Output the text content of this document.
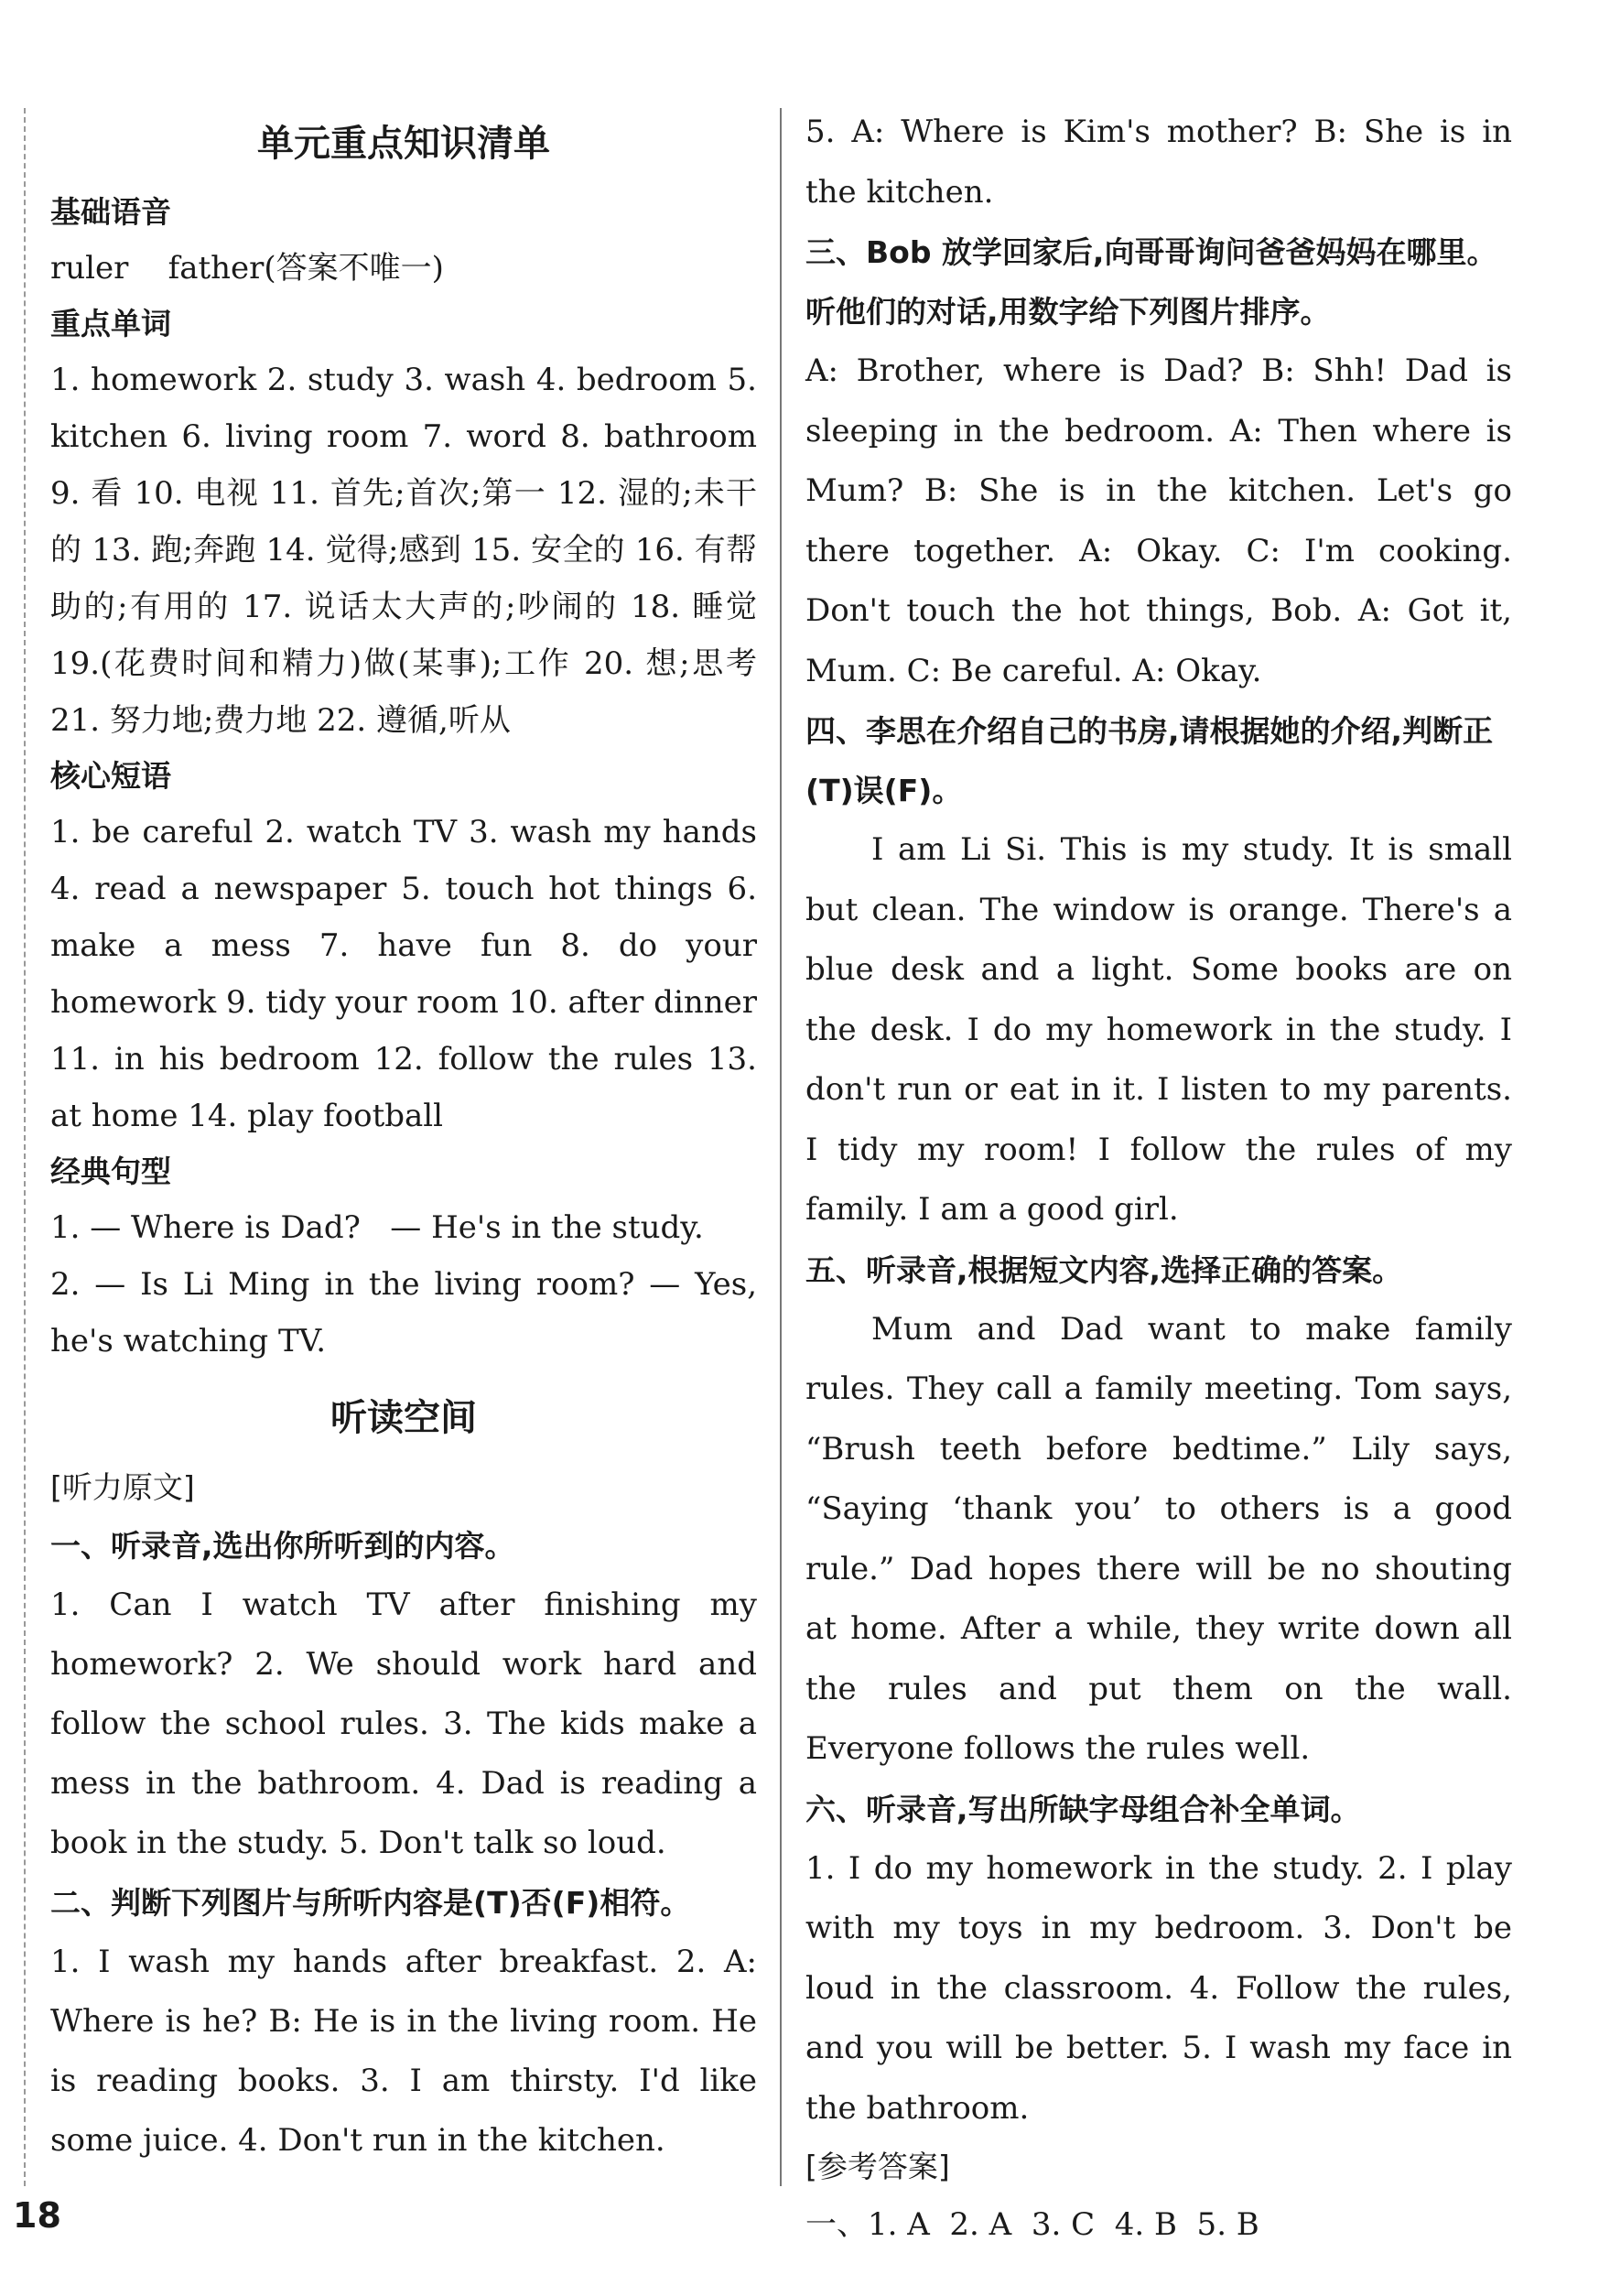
单元重点知识清单
基础语音

ruler    father(答案不唯一)

重点单词

1. homework 2. study 3. wash 4. bedroom 5. kitchen 6. living room 7. word 8. bathroom 9. 看 10. 电视 11. 首先;首次;第一 12. 湿的;未干的 13. 跑;奔跑 14. 觉得;感到 15. 安全的 16. 有帮助的;有用的 17. 说话太大声的;吵闹的 18. 睡觉 19.(花费时间和精力)做(某事);工作 20. 想;思考 21. 努力地;费力地 22. 遵循,听从

核心短语

1. be careful 2. watch TV 3. wash my hands 4. read a newspaper 5. touch hot things 6. make a mess 7. have fun 8. do your homework 9. tidy your room 10. after dinner 11. in his bedroom 12. follow the rules 13. at home 14. play football

经典句型

1. — Where is Dad?   — He's in the study.

2. — Is Li Ming in the living room? — Yes, he's watching TV.

听读空间
[听力原文]
一、听录音,选出你所听到的内容。

1. Can I watch TV after finishing my homework? 2. We should work hard and follow the school rules. 3. The kids make a mess in the bathroom. 4. Dad is reading a book in the study. 5. Don't talk so loud.

二、判断下列图片与所听内容是(T)否(F)相符。

1. I wash my hands after breakfast. 2. A: Where is he? B: He is in the living room. He is reading books. 3. I am thirsty. I'd like some juice. 4. Don't run in the kitchen.

5. A: Where is Kim's mother? B: She is in the kitchen.

三、Bob 放学回家后,向哥哥询问爸爸妈妈在哪里。听他们的对话,用数字给下列图片排序。

A: Brother, where is Dad? B: Shh! Dad is sleeping in the bedroom. A: Then where is Mum? B: She is in the kitchen. Let's go there together. A: Okay. C: I'm cooking. Don't touch the hot things, Bob. A: Got it, Mum. C: Be careful. A: Okay.

四、李思在介绍自己的书房,请根据她的介绍,判断正(T)误(F)。

I am Li Si. This is my study. It is small but clean. The window is orange. There's a blue desk and a light. Some books are on the desk. I do my homework in the study. I don't run or eat in it. I listen to my parents. I tidy my room! I follow the rules of my family. I am a good girl.

五、听录音,根据短文内容,选择正确的答案。

Mum and Dad want to make family rules. They call a family meeting. Tom says, “Brush teeth before bedtime.” Lily says, “Saying ‘thank you’ to others is a good rule.” Dad hopes there will be no shouting at home. After a while, they write down all the rules and put them on the wall. Everyone follows the rules well.

六、听录音,写出所缺字母组合补全单词。

1. I do my homework in the study. 2. I play with my toys in my bedroom. 3. Don't be loud in the classroom. 4. Follow the rules, and you will be better. 5. I wash my face in the bathroom.

[参考答案]

一、1. A  2. A  3. C  4. B  5. B

18
